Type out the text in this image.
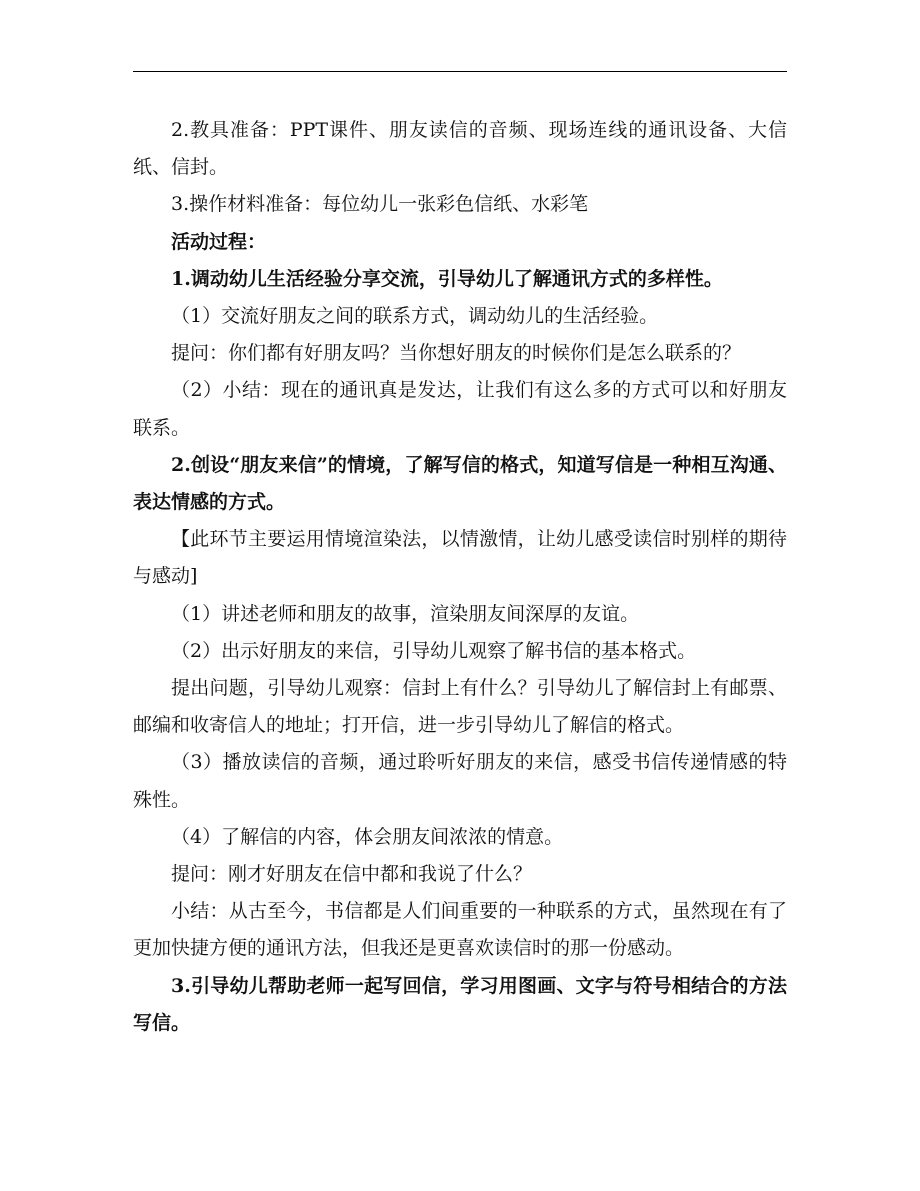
2.教具准备：PPT课件、朋友读信的音频、现场连线的通讯设备、大信纸、信封。

3.操作材料准备：每位幼儿一张彩色信纸、水彩笔

活动过程：

1.调动幼儿生活经验分享交流，引导幼儿了解通讯方式的多样性。

（1）交流好朋友之间的联系方式，调动幼儿的生活经验。

提问：你们都有好朋友吗？当你想好朋友的时候你们是怎么联系的？

（2）小结：现在的通讯真是发达，让我们有这么多的方式可以和好朋友联系。

2.创设“朋友来信”的情境，了解写信的格式，知道写信是一种相互沟通、表达情感的方式。

【此环节主要运用情境渲染法，以情激情，让幼儿感受读信时别样的期待与感动]

（1）讲述老师和朋友的故事，渲染朋友间深厚的友谊。

（2）出示好朋友的来信，引导幼儿观察了解书信的基本格式。

提出问题，引导幼儿观察：信封上有什么？引导幼儿了解信封上有邮票、邮编和收寄信人的地址；打开信，进一步引导幼儿了解信的格式。

（3）播放读信的音频，通过聆听好朋友的来信，感受书信传递情感的特殊性。

（4）了解信的内容，体会朋友间浓浓的情意。

提问：刚才好朋友在信中都和我说了什么？

小结：从古至今，书信都是人们间重要的一种联系的方式，虽然现在有了更加快捷方便的通讯方法，但我还是更喜欢读信时的那一份感动。

3.引导幼儿帮助老师一起写回信，学习用图画、文字与符号相结合的方法写信。
